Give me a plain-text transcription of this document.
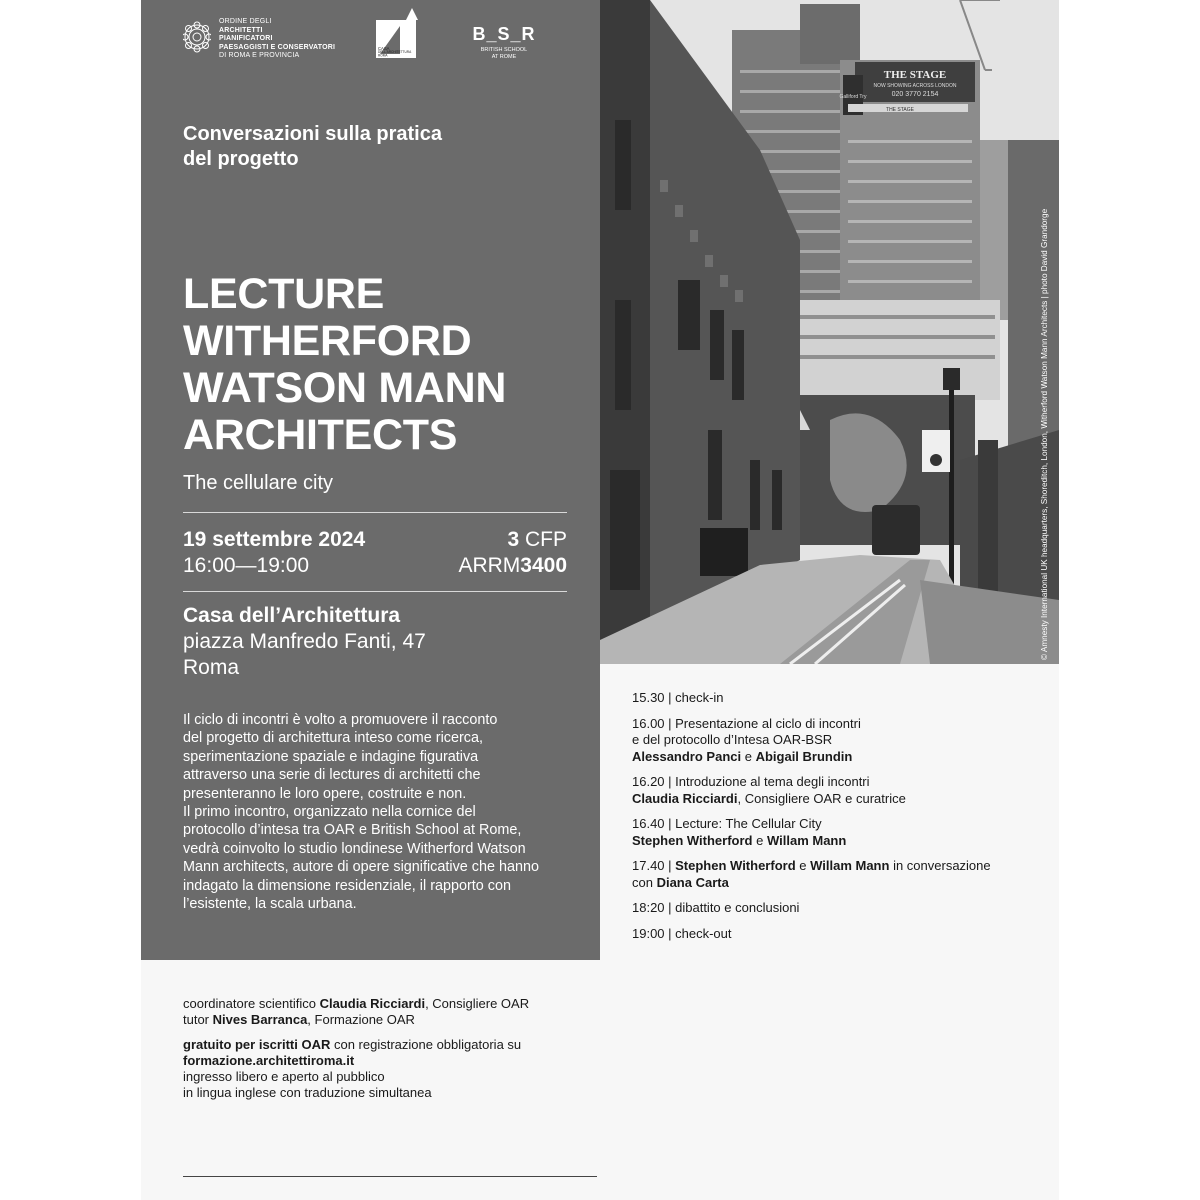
ORDINE DEGLI
ARCHITETTI
PIANIFICATORI
PAESAGGISTI E CONSERVATORI
DI ROMA E PROVINCIA
CASA
DELL'ARCHITETTURA
ROMA
B_S_R
BRITISH SCHOOL
AT ROME
Conversazioni sulla pratica
del progetto
LECTURE
WITHERFORD
WATSON MANN
ARCHITECTS
The cellulare city
19 settembre 2024
16:00—19:00
3 CFP
ARRM3400
Casa dell’Architettura
piazza Manfredo Fanti, 47
Roma
Il ciclo di incontri è volto a promuovere il racconto
del progetto di architettura inteso come ricerca,
sperimentazione spaziale e indagine figurativa
attraverso una serie di lectures di architetti che
presenteranno le loro opere, costruite e non.
Il primo incontro, organizzato nella cornice del
protocollo d’intesa tra OAR e British School at Rome,
vedrà coinvolto lo studio londinese Witherford Watson
Mann architects, autore di opere significative che hanno
indagato la dimensione residenziale, il rapporto con
l’esistente, la scala urbana.
THE STAGE
NOW SHOWING ACROSS LONDON
020 3770 2154
Galliford Try
THE STAGE
© Amnesty International UK headquarters, Shoreditch, London, Witherford Watson Mann Architects | photo David Grandorge
15.30 | check-in
16.00 | Presentazione al ciclo di incontri
e del protocollo d’Intesa OAR-BSR
Alessandro Panci e Abigail Brundin
16.20 | Introduzione al tema degli incontri
Claudia Ricciardi, Consigliere OAR e curatrice
16.40 | Lecture: The Cellular City
Stephen Witherford e Willam Mann
17.40 | Stephen Witherford e Willam Mann in conversazione
con Diana Carta
18:20 | dibattito e conclusioni
19:00 | check-out
coordinatore scientifico Claudia Ricciardi, Consigliere OAR
tutor Nives Barranca, Formazione OAR
gratuito per iscritti OAR con registrazione obbligatoria su
formazione.architettiroma.it
ingresso libero e aperto al pubblico
in lingua inglese con traduzione simultanea
